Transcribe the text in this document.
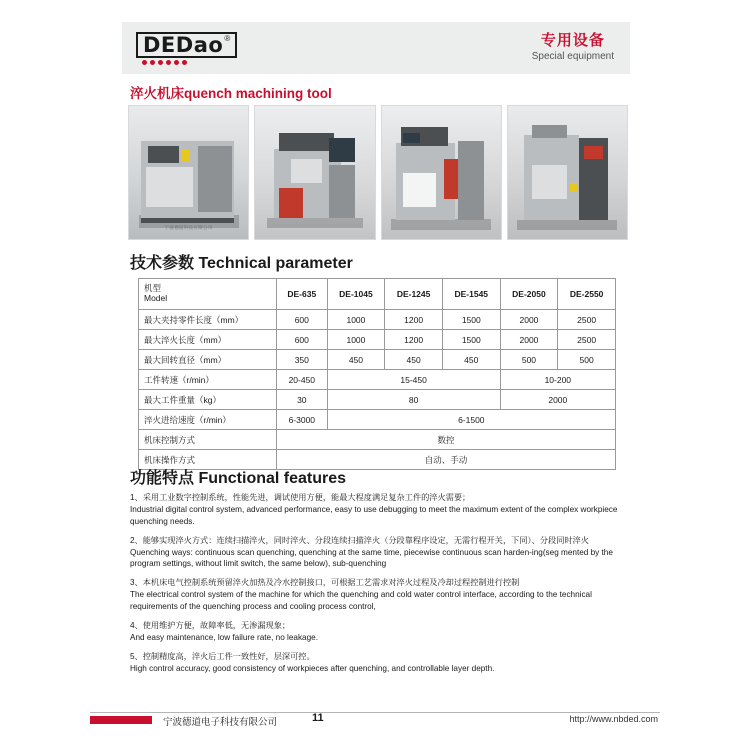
DEDao ®	专用设备
Special equipment
淬火机床quench machining tool
宁波德道科技有限公司
技术参数 Technical parameter
机型
Model	DE-635	DE-1045	DE-1245	DE-1545	DE-2050	DE-2550
最大夹持零件长度（mm）	600	1000	1200	1500	2000	2500
最大淬火长度（mm）	600	1000	1200	1500	2000	2500
最大回转直径（mm）	350	450	450	450	500	500
工件转速（r/min）	20-450	15-450			10-200	
最大工件重量（kg）	30	80			2000	
淬火进给速度（r/min）	6-3000	6-1500				
机床控制方式	数控					
机床操作方式	自动、手动					
功能特点 Functional features
1、采用工业数字控制系统，性能先进，调试使用方便，能最大程度满足复杂工件的淬火需要；
Industrial digital control system, advanced performance, easy to use debugging to meet the maximum extent of the complex workpiece quenching needs.
2、能够实现淬火方式：连续扫描淬火，同时淬火、分段连续扫描淬火（分段靠程序设定，无需行程开关，下同）、分段同时淬火
Quenching ways: continuous scan quenching, quenching at the same time, piecewise continuous scan harden-ing(seg mented by the program settings, without limit switch, the same below), sub-quenching
3、本机床电气控制系统预留淬火加热及冷水控制接口，可根据工艺需求对淬火过程及冷却过程控制进行控制
The electrical control system of the machine for which the quenching and cold water control interface, according to the technical requirements of the quenching process and cooling process control,
4、使用维护方便，故障率低，无渗漏现象；
And easy maintenance, low failure rate, no leakage.
5、控制精度高，淬火后工件一致性好，层深可控。
High control accuracy, good consistency of workpieces after quenching, and controllable layer depth.
宁波德道电子科技有限公司	11	http://www.nbded.com
